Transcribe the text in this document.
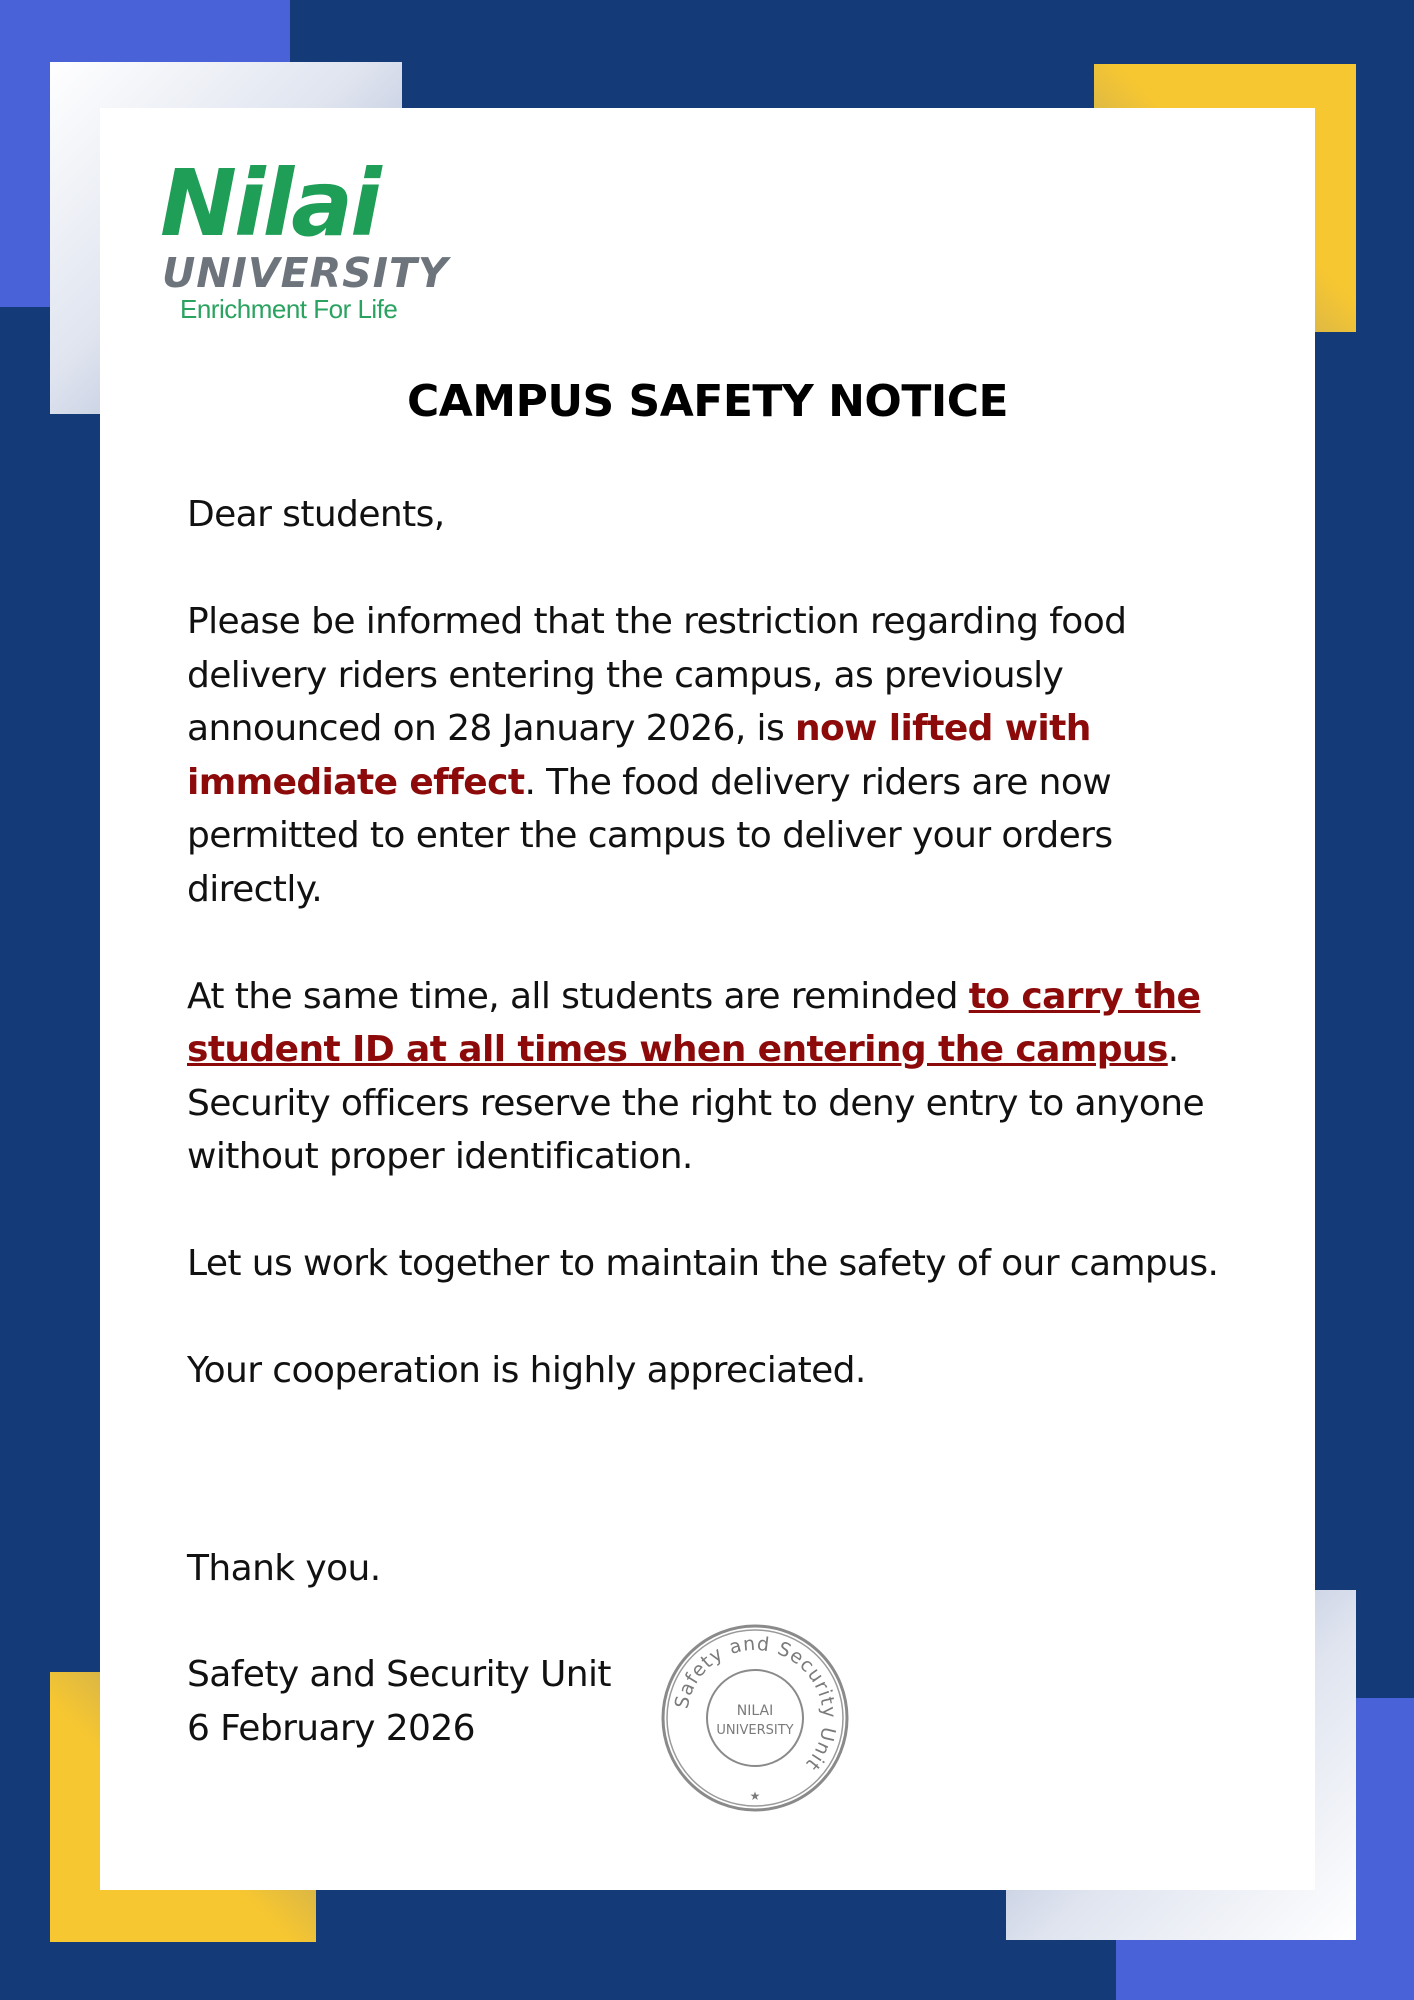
Nilai
UNIVERSITY
Enrichment For Life
CAMPUS SAFETY NOTICE

Dear students,

Please be informed that the restriction regarding food delivery riders entering the campus, as previously announced on 28 January 2026, is now lifted with immediate effect. The food delivery riders are now permitted to enter the campus to deliver your orders directly.

At the same time, all students are reminded to carry the student ID at all times when entering the campus. Security officers reserve the right to deny entry to anyone without proper identification.

Let us work together to maintain the safety of our campus.

Your cooperation is highly appreciated.

Thank you.
Safety and Security Unit
6 February 2026
Safety and Security Unit
NILAI
UNIVERSITY
★
